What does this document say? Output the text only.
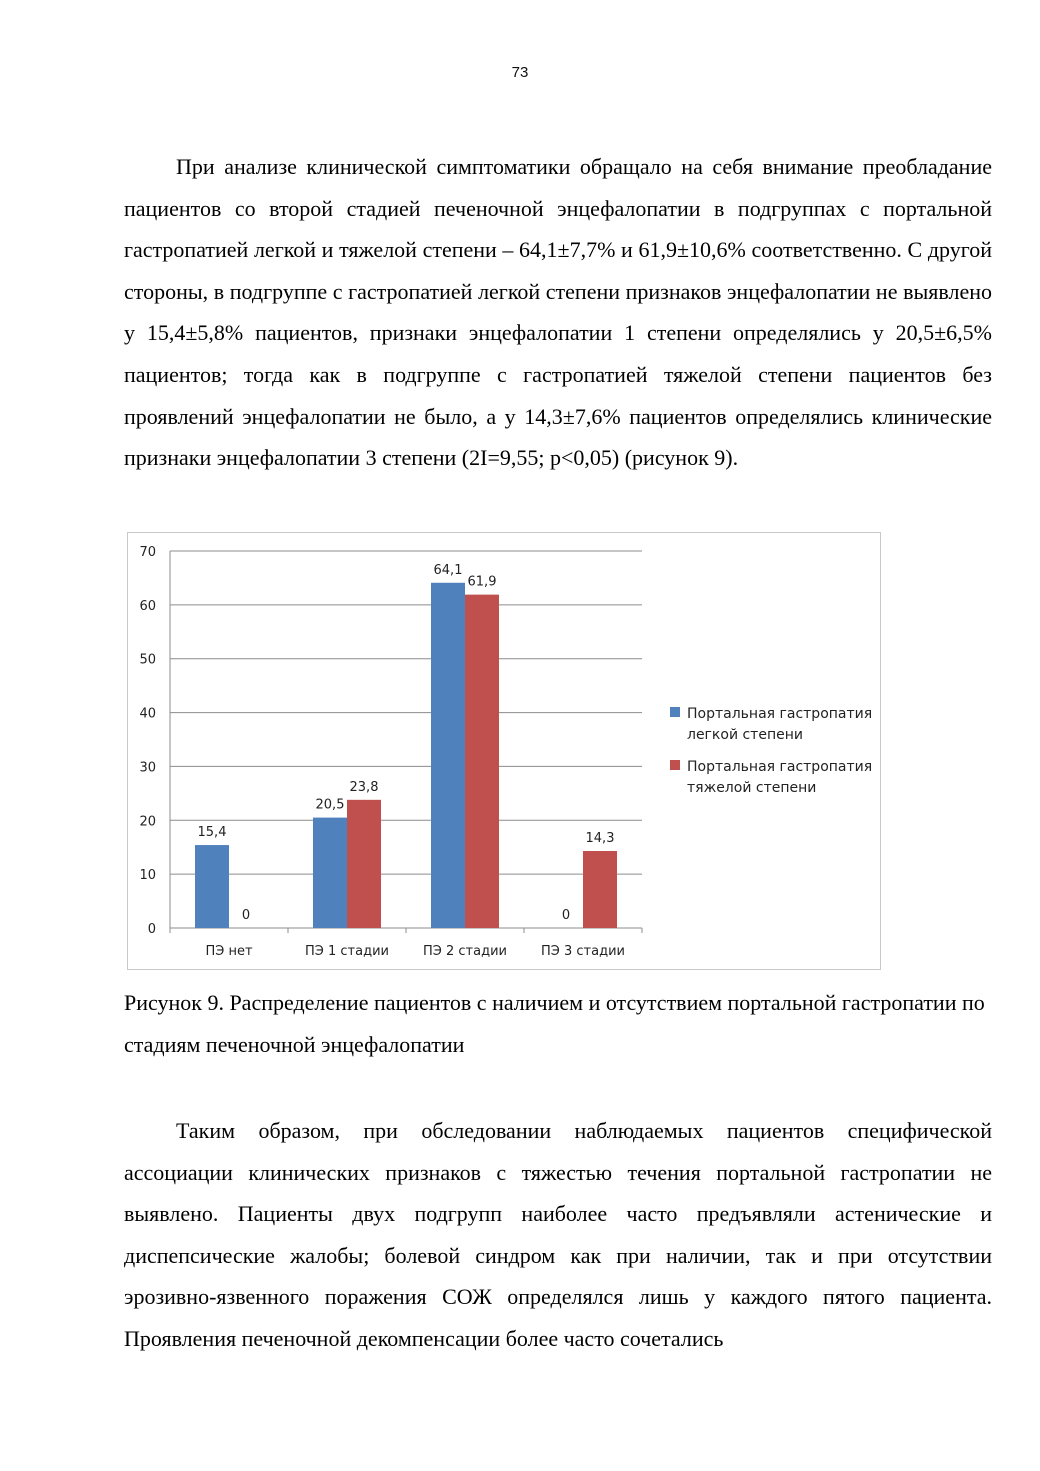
73

При анализе клинической симптоматики обращало на себя внимание преобладание пациентов со второй стадией печеночной энцефалопатии в подгруппах с портальной гастропатией легкой и тяжелой степени – 64,1±7,7% и 61,9±10,6% соответственно. С другой стороны, в подгруппе с гастропатией легкой степени признаков энцефалопатии не выявлено у 15,4±5,8% пациентов, признаки энцефалопатии 1 степени определялись у 20,5±6,5% пациентов; тогда как в подгруппе с гастропатией тяжелой степени пациентов без проявлений энцефалопатии не было, а у 14,3±7,6% пациентов определялись клинические признаки энцефалопатии 3 степени (2I=9,55; p<0,05) (рисунок 9).

0
10
20
30
40
50
60
70
ПЭ нет	ПЭ 1 стадии	ПЭ 2 стадии	ПЭ 3 стадии
15,4
20,5
64,1
0
0
23,8
61,9
14,3
Портальная гастропатия
легкой степени
Портальная гастропатия
тяжелой степени
Рисунок 9. Распределение пациентов с наличием и отсутствием портальной гастропатии по стадиям печеночной энцефалопатии

Таким образом, при обследовании наблюдаемых пациентов специфической ассоциации клинических признаков с тяжестью течения портальной гастропатии не выявлено. Пациенты двух подгрупп наиболее часто предъявляли астенические и диспепсические жалобы; болевой синдром как при наличии, так и при отсутствии эрозивно-язвенного поражения СОЖ определялся лишь у каждого пятого пациента. Проявления печеночной декомпенсации более часто сочетались
